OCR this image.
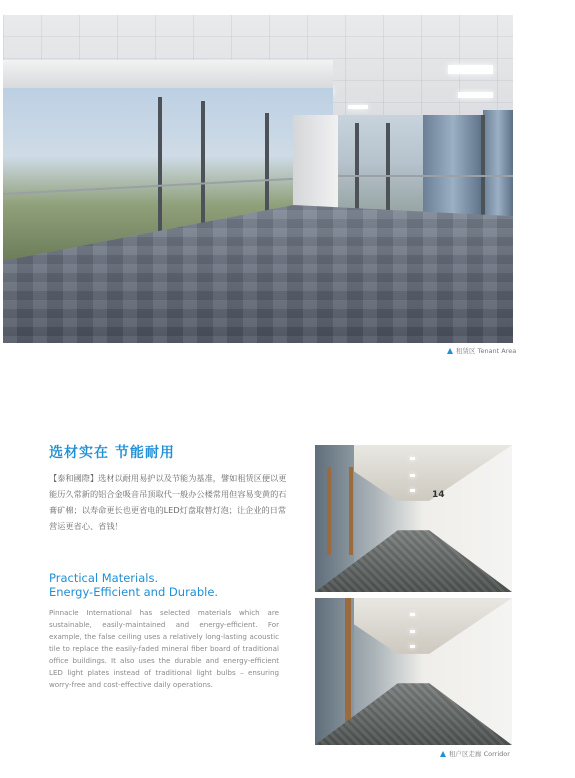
租赁区 Tenant Area
选材实在 节能耐用
【泰和國際】选材以耐用易护以及节能为基准，譬如租赁区便以更能历久常新的铝合金吸音吊顶取代一般办公楼常用但容易变黄的石膏矿棉；以寿命更长也更省电的LED灯盘取替灯泡；让企业的日常营运更省心、省钱！
Practical Materials.
Energy-Efficient and Durable.
Pinnacle International has selected materials which are sustainable, easily-maintained and energy-efficient. For example, the false ceiling uses a relatively long-lasting acoustic tile to replace the easily-faded mineral fiber board of traditional office buildings. It also uses the durable and energy-efficient LED light plates instead of traditional light bulbs – ensuring worry-free and cost-effective daily operations.
14
租户区走廊 Corridor
